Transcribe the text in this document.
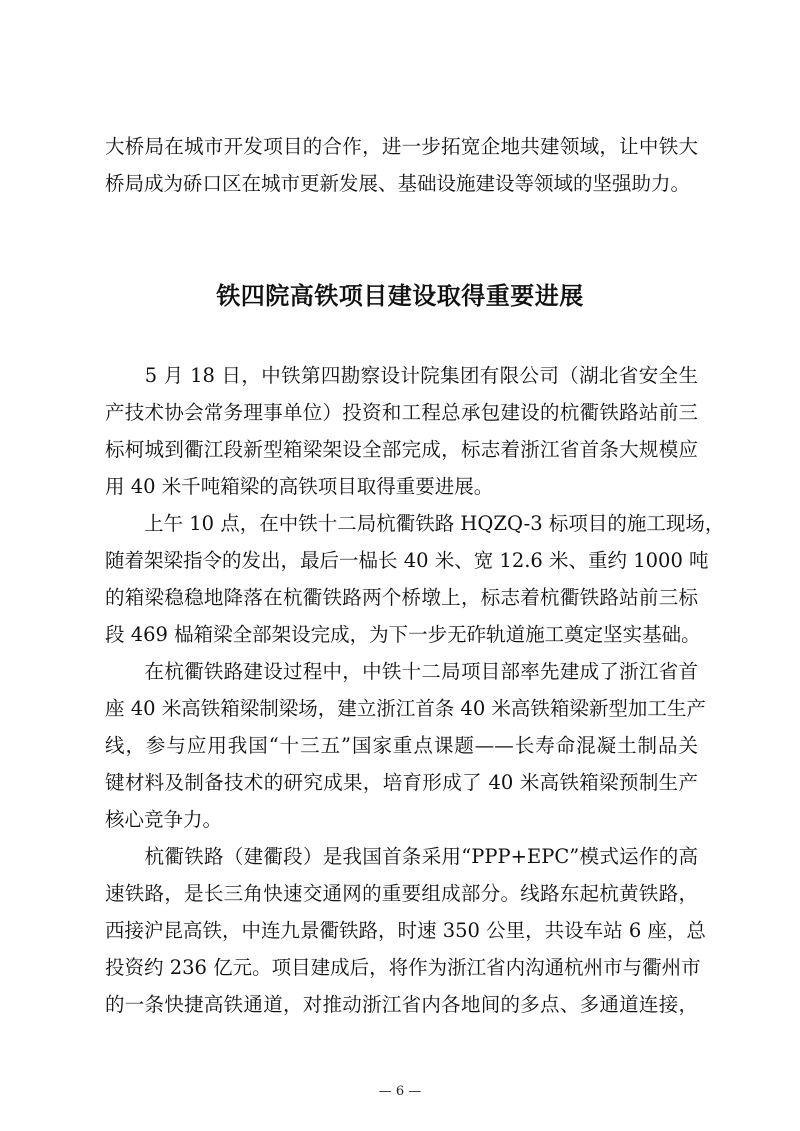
大桥局在城市开发项目的合作，进一步拓宽企地共建领域，让中铁大
桥局成为硚口区在城市更新发展、基础设施建设等领域的坚强助力。
铁四院高铁项目建设取得重要进展
　　5 月 18 日，中铁第四勘察设计院集团有限公司（湖北省安全生
产技术协会常务理事单位）投资和工程总承包建设的杭衢铁路站前三
标柯城到衢江段新型箱梁架设全部完成，标志着浙江省首条大规模应
用 40 米千吨箱梁的高铁项目取得重要进展。
　　上午 10 点，在中铁十二局杭衢铁路 HQZQ-3 标项目的施工现场，
随着架梁指令的发出，最后一榀长 40 米、宽 12.6 米、重约 1000 吨
的箱梁稳稳地降落在杭衢铁路两个桥墩上，标志着杭衢铁路站前三标
段 469 榀箱梁全部架设完成，为下一步无砟轨道施工奠定坚实基础。
　　在杭衢铁路建设过程中，中铁十二局项目部率先建成了浙江省首
座 40 米高铁箱梁制梁场，建立浙江首条 40 米高铁箱梁新型加工生产
线，参与应用我国“十三五”国家重点课题——长寿命混凝土制品关
键材料及制备技术的研究成果，培育形成了 40 米高铁箱梁预制生产
核心竞争力。
　　杭衢铁路（建衢段）是我国首条采用“PPP+EPC”模式运作的高
速铁路，是长三角快速交通网的重要组成部分。线路东起杭黄铁路，
西接沪昆高铁，中连九景衢铁路，时速 350 公里，共设车站 6 座，总
投资约 236 亿元。项目建成后，将作为浙江省内沟通杭州市与衢州市
的一条快捷高铁通道，对推动浙江省内各地间的多点、多通道连接，
— 6 —
